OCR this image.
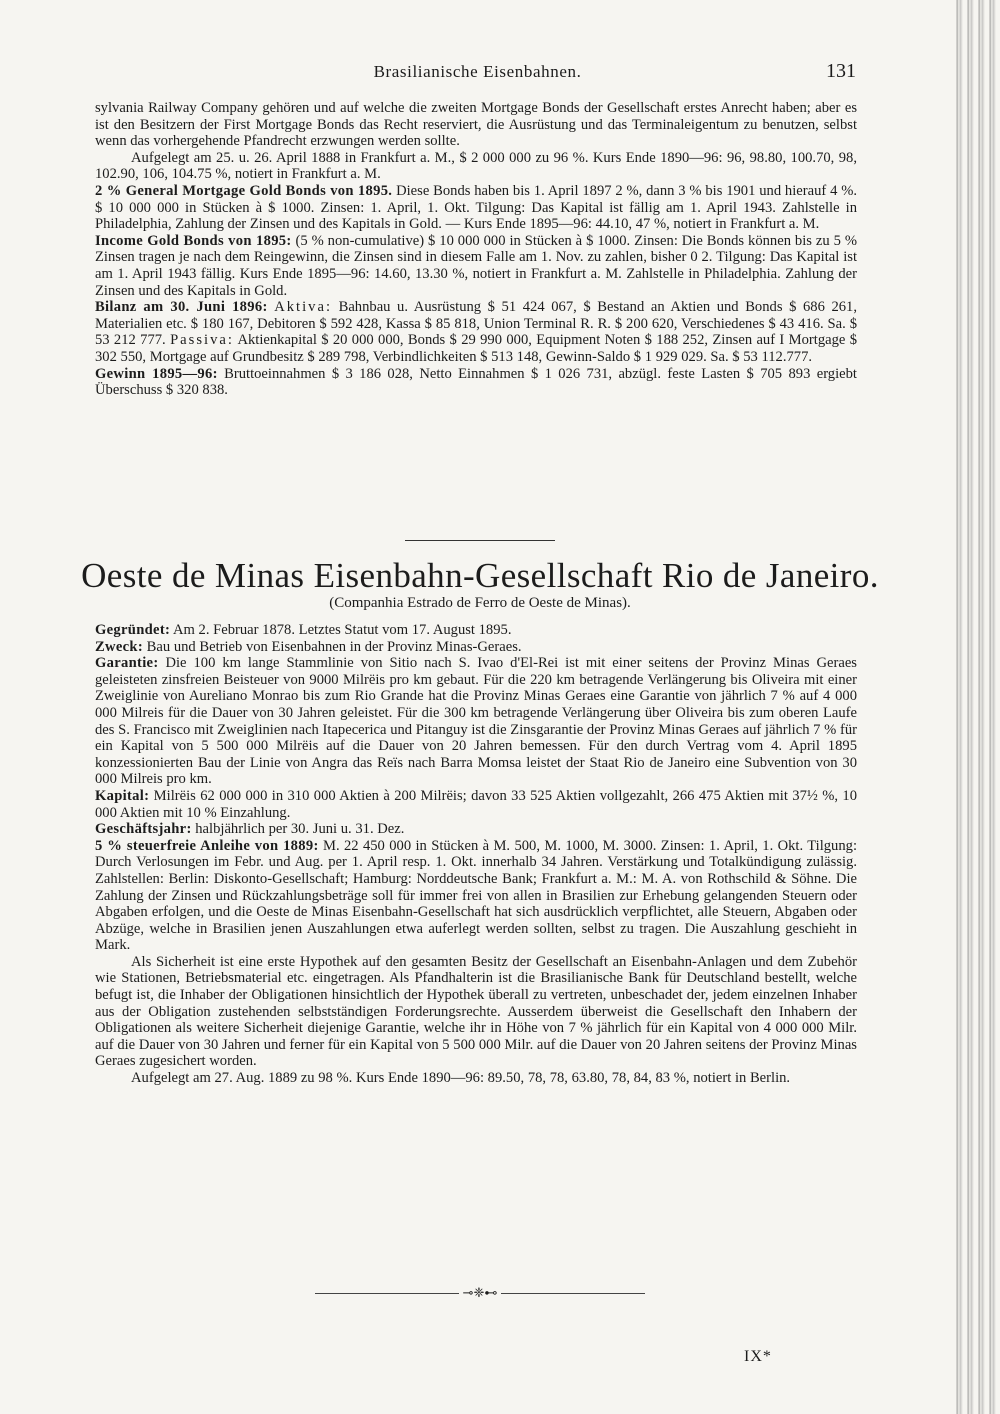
Brasilianische Eisenbahnen.	131

sylvania Railway Company gehören und auf welche die zweiten Mortgage Bonds der Gesellschaft erstes Anrecht haben; aber es ist den Besitzern der First Mortgage Bonds das Recht reserviert, die Ausrüstung und das Terminaleigentum zu benutzen, selbst wenn das vorhergehende Pfandrecht erzwungen werden sollte.

Aufgelegt am 25. u. 26. April 1888 in Frankfurt a. M., $ 2 000 000 zu 96 %. Kurs Ende 1890—96: 96, 98.80, 100.70, 98, 102.90, 106, 104.75 %, notiert in Frankfurt a. M.

2 % General Mortgage Gold Bonds von 1895. Diese Bonds haben bis 1. April 1897 2 %, dann 3 % bis 1901 und hierauf 4 %. $ 10 000 000 in Stücken à $ 1000. Zinsen: 1. April, 1. Okt. Tilgung: Das Kapital ist fällig am 1. April 1943. Zahlstelle in Philadelphia, Zahlung der Zinsen und des Kapitals in Gold. — Kurs Ende 1895—96: 44.10, 47 %, notiert in Frankfurt a. M.

Income Gold Bonds von 1895: (5 % non-cumulative) $ 10 000 000 in Stücken à $ 1000. Zinsen: Die Bonds können bis zu 5 % Zinsen tragen je nach dem Reingewinn, die Zinsen sind in diesem Falle am 1. Nov. zu zahlen, bisher 0 2. Tilgung: Das Kapital ist am 1. April 1943 fällig. Kurs Ende 1895—96: 14.60, 13.30 %, notiert in Frankfurt a. M. Zahlstelle in Philadelphia. Zahlung der Zinsen und des Kapitals in Gold.

Bilanz am 30. Juni 1896: Aktiva: Bahnbau u. Ausrüstung $ 51 424 067, $ Bestand an Aktien und Bonds $ 686 261, Materialien etc. $ 180 167, Debitoren $ 592 428, Kassa $ 85 818, Union Terminal R. R. $ 200 620, Verschiedenes $ 43 416. Sa. $ 53 212 777. Passiva: Aktienkapital $ 20 000 000, Bonds $ 29 990 000, Equipment Noten $ 188 252, Zinsen auf I Mortgage $ 302 550, Mortgage auf Grundbesitz $ 289 798, Verbindlichkeiten $ 513 148, Gewinn-Saldo $ 1 929 029. Sa. $ 53 112.777.

Gewinn 1895—96: Bruttoeinnahmen $ 3 186 028, Netto Einnahmen $ 1 026 731, abzügl. feste Lasten $ 705 893 ergiebt Überschuss $ 320 838.

Oeste de Minas Eisenbahn-Gesellschaft Rio de Janeiro.
(Companhia Estrado de Ferro de Oeste de Minas).

Gegründet: Am 2. Februar 1878. Letztes Statut vom 17. August 1895.

Zweck: Bau und Betrieb von Eisenbahnen in der Provinz Minas-Geraes.

Garantie: Die 100 km lange Stammlinie von Sitio nach S. Ivao d'El-Rei ist mit einer seitens der Provinz Minas Geraes geleisteten zinsfreien Beisteuer von 9000 Milrëis pro km gebaut. Für die 220 km betragende Verlängerung bis Oliveira mit einer Zweiglinie von Aureliano Monrao bis zum Rio Grande hat die Provinz Minas Geraes eine Garantie von jährlich 7 % auf 4 000 000 Milreis für die Dauer von 30 Jahren geleistet. Für die 300 km betragende Verlängerung über Oliveira bis zum oberen Laufe des S. Francisco mit Zweiglinien nach Itapecerica und Pitanguy ist die Zinsgarantie der Provinz Minas Geraes auf jährlich 7 % für ein Kapital von 5 500 000 Milrëis auf die Dauer von 20 Jahren bemessen. Für den durch Vertrag vom 4. April 1895 konzessionierten Bau der Linie von Angra das Reïs nach Barra Momsa leistet der Staat Rio de Janeiro eine Subvention von 30 000 Milreis pro km.

Kapital: Milrëis 62 000 000 in 310 000 Aktien à 200 Milrëis; davon 33 525 Aktien vollgezahlt, 266 475 Aktien mit 37½ %, 10 000 Aktien mit 10 % Einzahlung.

Geschäftsjahr: halbjährlich per 30. Juni u. 31. Dez.

5 % steuerfreie Anleihe von 1889: M. 22 450 000 in Stücken à M. 500, M. 1000, M. 3000. Zinsen: 1. April, 1. Okt. Tilgung: Durch Verlosungen im Febr. und Aug. per 1. April resp. 1. Okt. innerhalb 34 Jahren. Verstärkung und Totalkündigung zulässig. Zahlstellen: Berlin: Diskonto-Gesellschaft; Hamburg: Norddeutsche Bank; Frankfurt a. M.: M. A. von Rothschild & Söhne. Die Zahlung der Zinsen und Rückzahlungsbeträge soll für immer frei von allen in Brasilien zur Erhebung gelangenden Steuern oder Abgaben erfolgen, und die Oeste de Minas Eisenbahn-Gesellschaft hat sich ausdrücklich verpflichtet, alle Steuern, Abgaben oder Abzüge, welche in Brasilien jenen Auszahlungen etwa auferlegt werden sollten, selbst zu tragen. Die Auszahlung geschieht in Mark.

Als Sicherheit ist eine erste Hypothek auf den gesamten Besitz der Gesellschaft an Eisenbahn-Anlagen und dem Zubehör wie Stationen, Betriebsmaterial etc. eingetragen. Als Pfandhalterin ist die Brasilianische Bank für Deutschland bestellt, welche befugt ist, die Inhaber der Obligationen hinsichtlich der Hypothek überall zu vertreten, unbeschadet der, jedem einzelnen Inhaber aus der Obligation zustehenden selbstständigen Forderungsrechte. Ausserdem überweist die Gesellschaft den Inhabern der Obligationen als weitere Sicherheit diejenige Garantie, welche ihr in Höhe von 7 % jährlich für ein Kapital von 4 000 000 Milr. auf die Dauer von 30 Jahren und ferner für ein Kapital von 5 500 000 Milr. auf die Dauer von 20 Jahren seitens der Provinz Minas Geraes zugesichert worden.

Aufgelegt am 27. Aug. 1889 zu 98 %. Kurs Ende 1890—96: 89.50, 78, 78, 63.80, 78, 84, 83 %, notiert in Berlin.

⊸❈⊷
IX*
